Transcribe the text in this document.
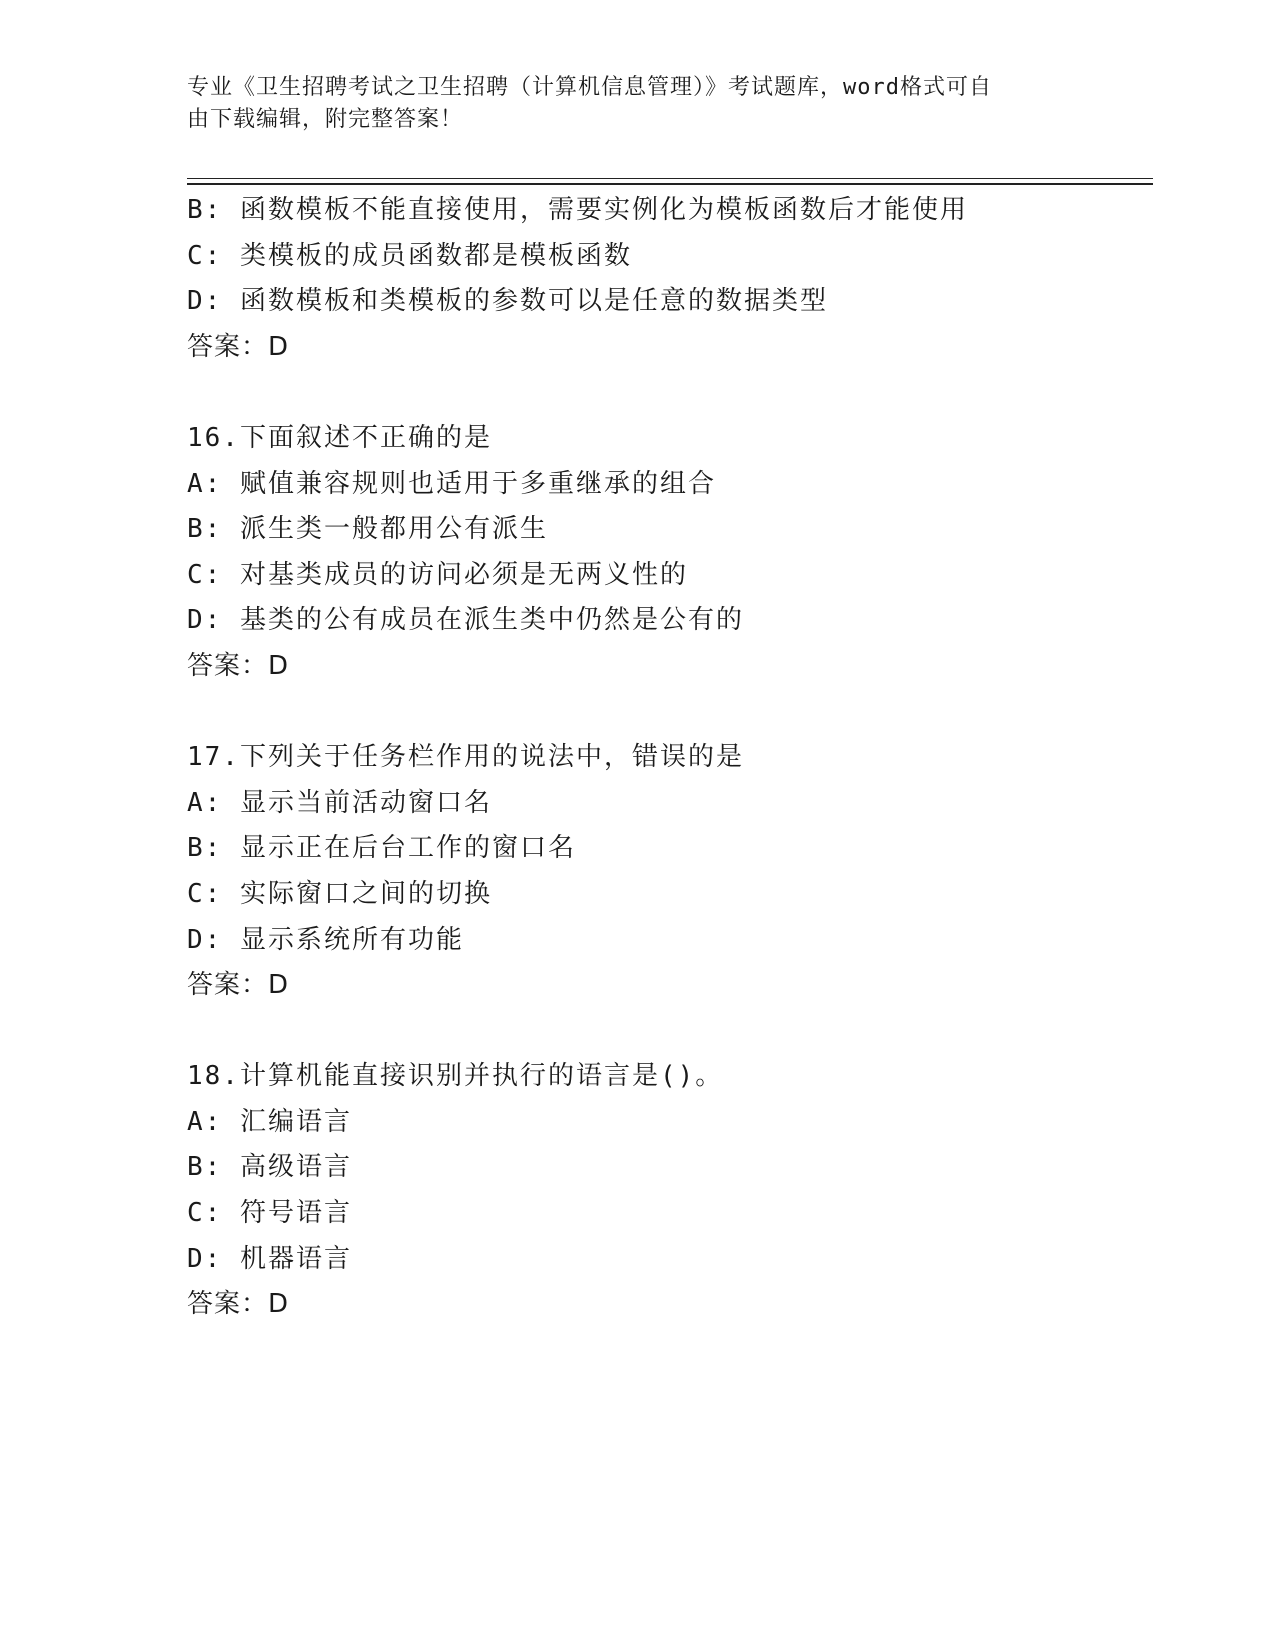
专业《卫生招聘考试之卫生招聘（计算机信息管理）》考试题库，word格式可自
由下载编辑，附完整答案！
B: 函数模板不能直接使用，需要实例化为模板函数后才能使用
C: 类模板的成员函数都是模板函数
D: 函数模板和类模板的参数可以是任意的数据类型
答案：D
16.下面叙述不正确的是
A: 赋值兼容规则也适用于多重继承的组合
B: 派生类一般都用公有派生
C: 对基类成员的访问必须是无两义性的
D: 基类的公有成员在派生类中仍然是公有的
答案：D
17.下列关于任务栏作用的说法中，错误的是
A: 显示当前活动窗口名
B: 显示正在后台工作的窗口名
C: 实际窗口之间的切换
D: 显示系统所有功能
答案：D
18.计算机能直接识别并执行的语言是()。
A: 汇编语言
B: 高级语言
C: 符号语言
D: 机器语言
答案：D
